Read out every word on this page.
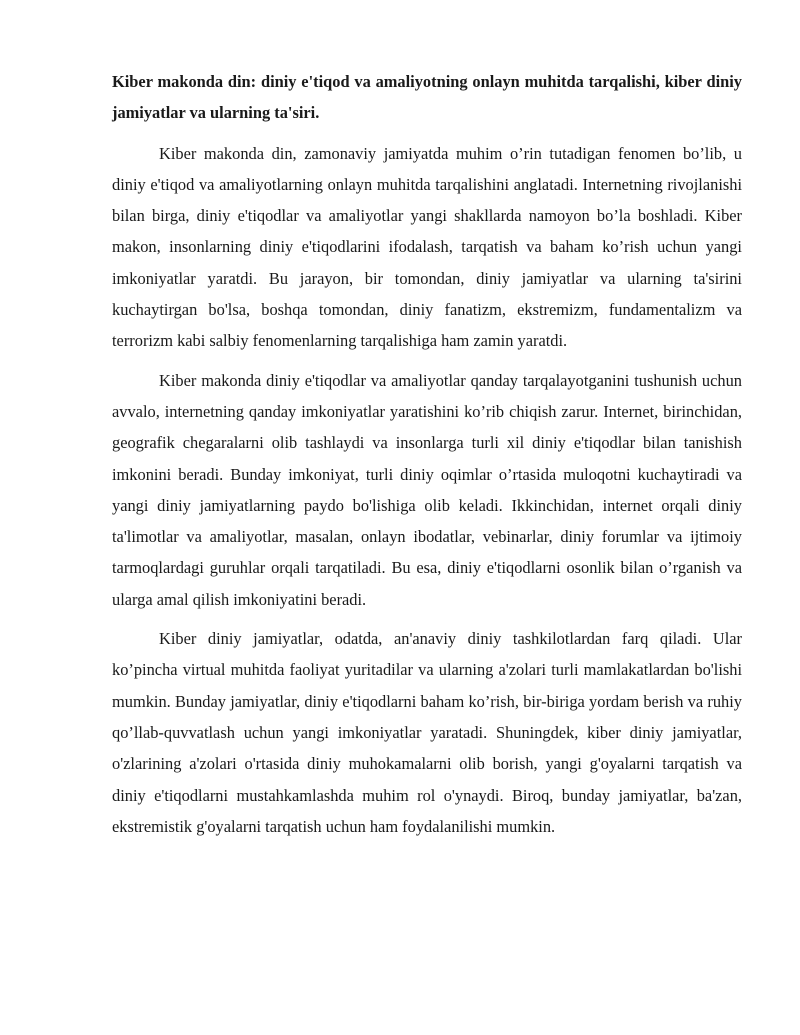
Kiber makonda din: diniy e'tiqod va amaliyotning onlayn muhitda tarqalishi, kiber diniy jamiyatlar va ularning ta'siri.

Kiber makonda din, zamonaviy jamiyatda muhim o’rin tutadigan fenomen bo’lib, u diniy e'tiqod va amaliyotlarning onlayn muhitda tarqalishini anglatadi. Internetning rivojlanishi bilan birga, diniy e'tiqodlar va amaliyotlar yangi shakllarda namoyon bo’la boshladi. Kiber makon, insonlarning diniy e'tiqodlarini ifodalash, tarqatish va baham ko’rish uchun yangi imkoniyatlar yaratdi. Bu jarayon, bir tomondan, diniy jamiyatlar va ularning ta'sirini kuchaytirgan bo'lsa, boshqa tomondan, diniy fanatizm, ekstremizm, fundamentalizm va terrorizm kabi salbiy fenomenlarning tarqalishiga ham zamin yaratdi.

Kiber makonda diniy e'tiqodlar va amaliyotlar qanday tarqalayotganini tushunish uchun avvalo, internetning qanday imkoniyatlar yaratishini ko’rib chiqish zarur. Internet, birinchidan, geografik chegaralarni olib tashlaydi va insonlarga turli xil diniy e'tiqodlar bilan tanishish imkonini beradi. Bunday imkoniyat, turli diniy oqimlar o’rtasida muloqotni kuchaytiradi va yangi diniy jamiyatlarning paydo bo'lishiga olib keladi. Ikkinchidan, internet orqali diniy ta'limotlar va amaliyotlar, masalan, onlayn ibodatlar, vebinarlar, diniy forumlar va ijtimoiy tarmoqlardagi guruhlar orqali tarqatiladi. Bu esa, diniy e'tiqodlarni osonlik bilan o’rganish va ularga amal qilish imkoniyatini beradi.

Kiber diniy jamiyatlar, odatda, an'anaviy diniy tashkilotlardan farq qiladi. Ular ko’pincha virtual muhitda faoliyat yuritadilar va ularning a'zolari turli mamlakatlardan bo'lishi mumkin. Bunday jamiyatlar, diniy e'tiqodlarni baham ko’rish, bir-biriga yordam berish va ruhiy qo’llab-quvvatlash uchun yangi imkoniyatlar yaratadi. Shuningdek, kiber diniy jamiyatlar, o'zlarining a'zolari o'rtasida diniy muhokamalarni olib borish, yangi g'oyalarni tarqatish va diniy e'tiqodlarni mustahkamlashda muhim rol o'ynaydi. Biroq, bunday jamiyatlar, ba'zan, ekstremistik g'oyalarni tarqatish uchun ham foydalanilishi mumkin.
